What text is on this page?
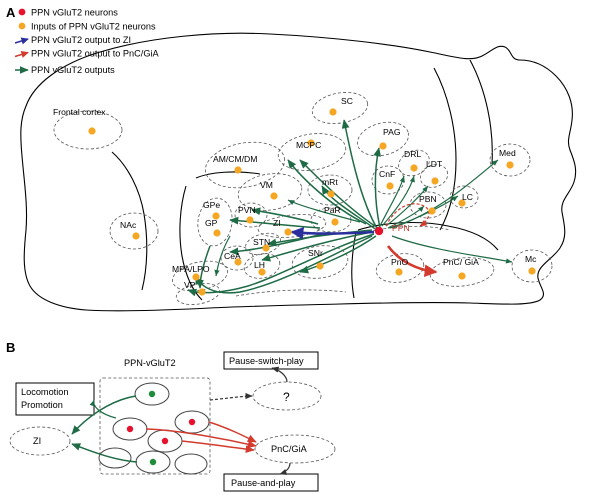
A
B
PPN vGluT2 neurons
Inputs of PPN vGluT2 neurons
PPN vGluT2 output to ZI
PPN vGluT2 output to PnC/GiA
PPN vGluT2 outputs
Frontal cortex
SC
PAG
MCPC
DRL
LDT
Med
AM/CM/DM
mRt
CnF
PBN	LC
VM
PVN	PaR
GPe
GP	ZI	PPN
NAc
CeA
STN
SNr
LH
MPA/LPO
VP
PnO	PnC/ GiA	Mc
PPN-vGluT2
ZI
PnC/GiA
?
Pause-switch-play
Locomotion
Promotion
Pause-and-play
